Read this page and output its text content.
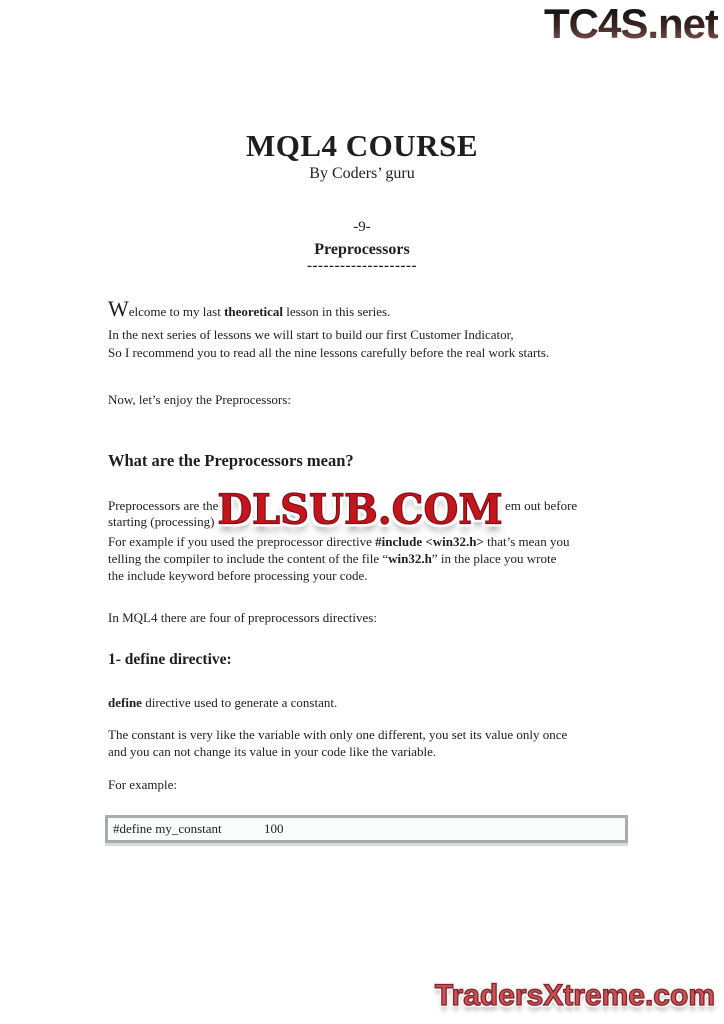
TC4S.net
MQL4 COURSE
By Coders’ guru
-9-
Preprocessors
--------------------
Welcome to my last theoretical lesson in this series.
In the next series of lessons we will start to build our first Customer Indicator,
So I recommend you to read all the nine lessons carefully before the real work starts.
Now, let’s enjoy the Preprocessors:
What are the Preprocessors mean?
Preprocessors are the	em out before
starting (processing) DLSUB.COM
For example if you used the preprocessor directive #include <win32.h> that’s mean you
telling the compiler to include the content of the file “win32.h” in the place you wrote
the include keyword before processing your code.
In MQL4 there are four of preprocessors directives:
1- define directive:
define directive used to generate a constant.
The constant is very like the variable with only one different, you set its value only once
and you can not change its value in your code like the variable.
For example:
#define my_constant	100
TradersXtreme.com
